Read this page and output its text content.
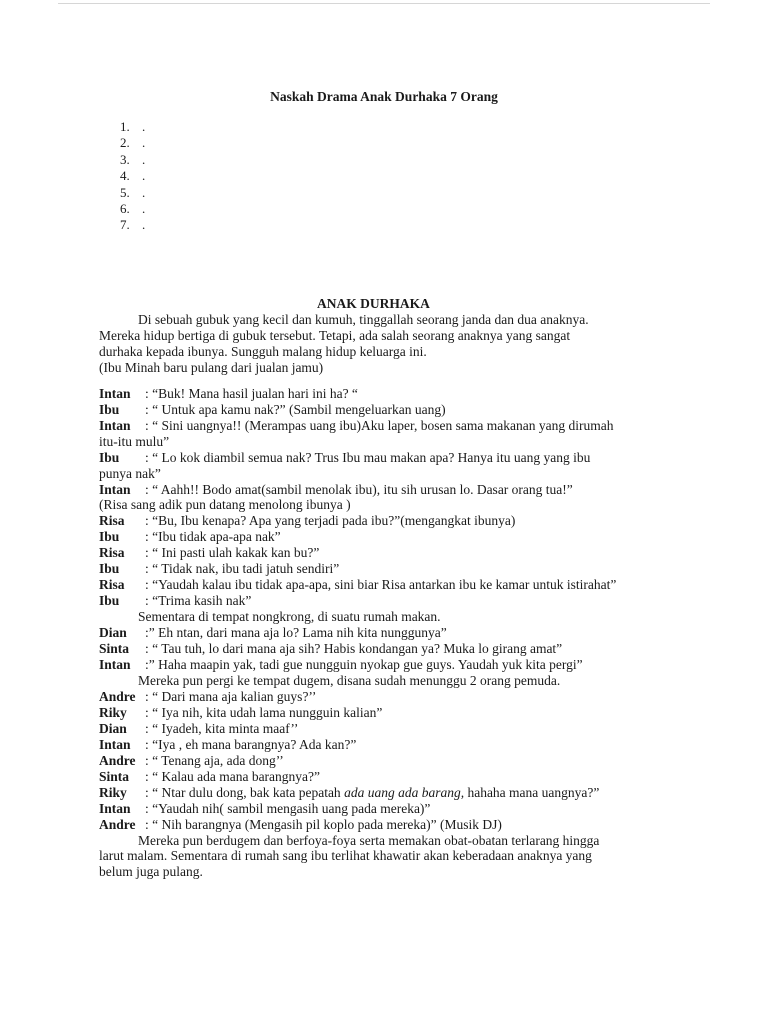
Naskah Drama Anak Durhaka 7 Orang
1. .
2. .
3. .
4. .
5. .
6. .
7. .
ANAK DURHAKA

Di sebuah gubuk yang kecil dan kumuh, tinggallah seorang janda dan dua anaknya.

Mereka hidup bertiga di gubuk tersebut. Tetapi, ada salah seorang anaknya yang sangat

durhaka kepada ibunya. Sungguh malang hidup keluarga ini.

(Ibu Minah baru pulang dari jualan jamu)

Intan : “Buk! Mana hasil jualan hari ini ha? “

Ibu : “ Untuk apa kamu nak?” (Sambil mengeluarkan uang)

Intan : “ Sini uangnya!! (Merampas uang ibu)Aku laper, bosen sama makanan yang dirumah

itu-itu mulu”

Ibu : “ Lo kok diambil semua nak? Trus Ibu mau makan apa? Hanya itu uang yang ibu

punya nak”

Intan : “ Aahh!! Bodo amat(sambil menolak ibu), itu sih urusan lo. Dasar orang tua!”

(Risa sang adik pun datang menolong ibunya )

Risa : “Bu, Ibu kenapa? Apa yang terjadi pada ibu?”(mengangkat ibunya)

Ibu : “Ibu tidak apa-apa nak”

Risa : “ Ini pasti ulah kakak kan bu?”

Ibu : “ Tidak nak, ibu tadi jatuh sendiri”

Risa : “Yaudah kalau ibu tidak apa-apa, sini biar Risa antarkan ibu ke kamar untuk istirahat”

Ibu : “Trima kasih nak”

Sementara di tempat nongkrong, di suatu rumah makan.

Dian :” Eh ntan, dari mana aja lo? Lama nih kita nunggunya”

Sinta : “ Tau tuh, lo dari mana aja sih? Habis kondangan ya? Muka lo girang amat”

Intan :” Haha maapin yak, tadi gue nungguin nyokap gue guys. Yaudah yuk kita pergi”

Mereka pun pergi ke tempat dugem, disana sudah menunggu 2 orang pemuda.

Andre : “ Dari mana aja kalian guys?’’

Riky : “ Iya nih, kita udah lama nungguin kalian”

Dian : “ Iyadeh, kita minta maaf’’

Intan : “Iya , eh mana barangnya? Ada kan?”

Andre : “ Tenang aja, ada dong’’

Sinta : “ Kalau ada mana barangnya?”

Riky : “ Ntar dulu dong, bak kata pepatah ada uang ada barang, hahaha mana uangnya?”

Intan : “Yaudah nih( sambil mengasih uang pada mereka)”

Andre : “ Nih barangnya (Mengasih pil koplo pada mereka)” (Musik DJ)

Mereka pun berdugem dan berfoya-foya serta memakan obat-obatan terlarang hingga

larut malam. Sementara di rumah sang ibu terlihat khawatir akan keberadaan anaknya yang

belum juga pulang.
